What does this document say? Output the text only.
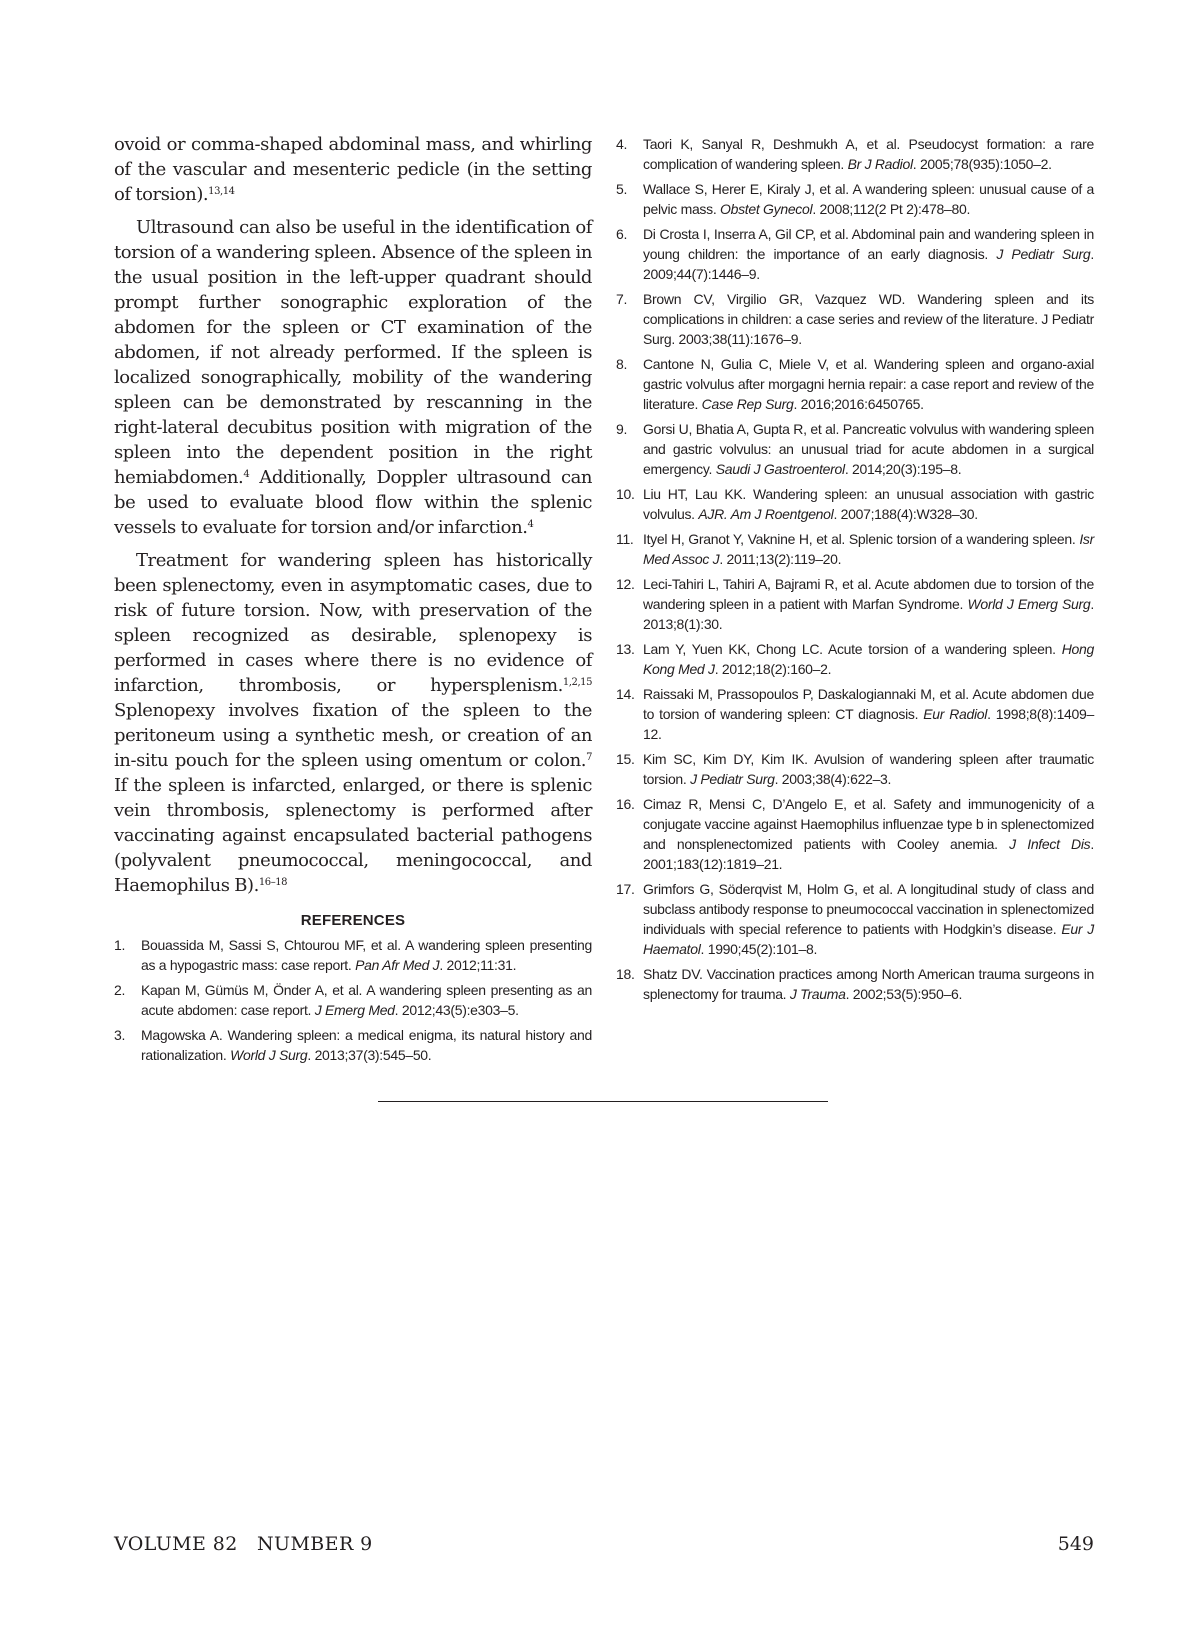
ovoid or comma-shaped abdominal mass, and whirling of the vascular and mesenteric pedicle (in the setting of torsion).$^{13,14}$

Ultrasound can also be useful in the identification of torsion of a wandering spleen. Absence of the spleen in the usual position in the left-upper quadrant should prompt further sonographic exploration of the abdomen for the spleen or CT examination of the abdomen, if not already performed. If the spleen is localized sonographically, mobility of the wandering spleen can be demonstrated by rescanning in the right-lateral decubitus position with migration of the spleen into the dependent position in the right hemiabdomen.$^4$ Additionally, Doppler ultrasound can be used to evaluate blood flow within the splenic vessels to evaluate for torsion and/or infarction.$^4$

Treatment for wandering spleen has historically been splenectomy, even in asymptomatic cases, due to risk of future torsion. Now, with preservation of the spleen recognized as desirable, splenopexy is performed in cases where there is no evidence of infarction, thrombosis, or hypersplenism.$^{1,2,15}$ Splenopexy involves fixation of the spleen to the peritoneum using a synthetic mesh, or creation of an in-situ pouch for the spleen using omentum or colon.$^7$ If the spleen is infarcted, enlarged, or there is splenic vein thrombosis, splenectomy is performed after vaccinating against encapsulated bacterial pathogens (polyvalent pneumococcal, meningococcal, and Haemophilus B).$^{16-18}$

REFERENCES
1.	Bouassida M, Sassi S, Chtourou MF, et al. A wandering spleen presenting as a hypogastric mass: case report. Pan Afr Med J. 2012;11:31.
2.	Kapan M, Gümüs M, Önder A, et al. A wandering spleen presenting as an acute abdomen: case report. J Emerg Med. 2012;43(5):e303–5.
3.	Magowska A. Wandering spleen: a medical enigma, its natural history and rationalization. World J Surg. 2013;37(3):545–50.
4.	Taori K, Sanyal R, Deshmukh A, et al. Pseudocyst formation: a rare complication of wandering spleen. Br J Radiol. 2005;78(935):1050–2.
5.	Wallace S, Herer E, Kiraly J, et al. A wandering spleen: unusual cause of a pelvic mass. Obstet Gynecol. 2008;112(2 Pt 2):478–80.
6.	Di Crosta I, Inserra A, Gil CP, et al. Abdominal pain and wandering spleen in young children: the importance of an early diagnosis. J Pediatr Surg. 2009;44(7):1446–9.
7.	Brown CV, Virgilio GR, Vazquez WD. Wandering spleen and its complications in children: a case series and review of the literature. J Pediatr Surg. 2003;38(11):1676–9.
8.	Cantone N, Gulia C, Miele V, et al. Wandering spleen and organo-axial gastric volvulus after morgagni hernia repair: a case report and review of the literature. Case Rep Surg. 2016;2016:6450765.
9.	Gorsi U, Bhatia A, Gupta R, et al. Pancreatic volvulus with wandering spleen and gastric volvulus: an unusual triad for acute abdomen in a surgical emergency. Saudi J Gastroenterol. 2014;20(3):195–8.
10. Liu HT, Lau KK. Wandering spleen: an unusual association with gastric volvulus. AJR. Am J Roentgenol. 2007;188(4):W328–30.
11. Ityel H, Granot Y, Vaknine H, et al. Splenic torsion of a wandering spleen. Isr Med Assoc J. 2011;13(2):119–20.
12. Leci-Tahiri L, Tahiri A, Bajrami R, et al. Acute abdomen due to torsion of the wandering spleen in a patient with Marfan Syndrome. World J Emerg Surg. 2013;8(1):30.
13. Lam Y, Yuen KK, Chong LC. Acute torsion of a wandering spleen. Hong Kong Med J. 2012;18(2):160–2.
14. Raissaki M, Prassopoulos P, Daskalogiannaki M, et al. Acute abdomen due to torsion of wandering spleen: CT diagnosis. Eur Radiol. 1998;8(8):1409–12.
15. Kim SC, Kim DY, Kim IK. Avulsion of wandering spleen after traumatic torsion. J Pediatr Surg. 2003;38(4):622–3.
16. Cimaz R, Mensi C, D’Angelo E, et al. Safety and immunogenicity of a conjugate vaccine against Haemophilus influenzae type b in splenectomized and nonsplenectomized patients with Cooley anemia. J Infect Dis. 2001;183(12):1819–21.
17. Grimfors G, Söderqvist M, Holm G, et al. A longitudinal study of class and subclass antibody response to pneumococcal vaccination in splenectomized individuals with special reference to patients with Hodgkin’s disease. Eur J Haematol. 1990;45(2):101–8.
18. Shatz DV. Vaccination practices among North American trauma surgeons in splenectomy for trauma. J Trauma. 2002;53(5):950–6.
VOLUME 82   NUMBER 9	549
